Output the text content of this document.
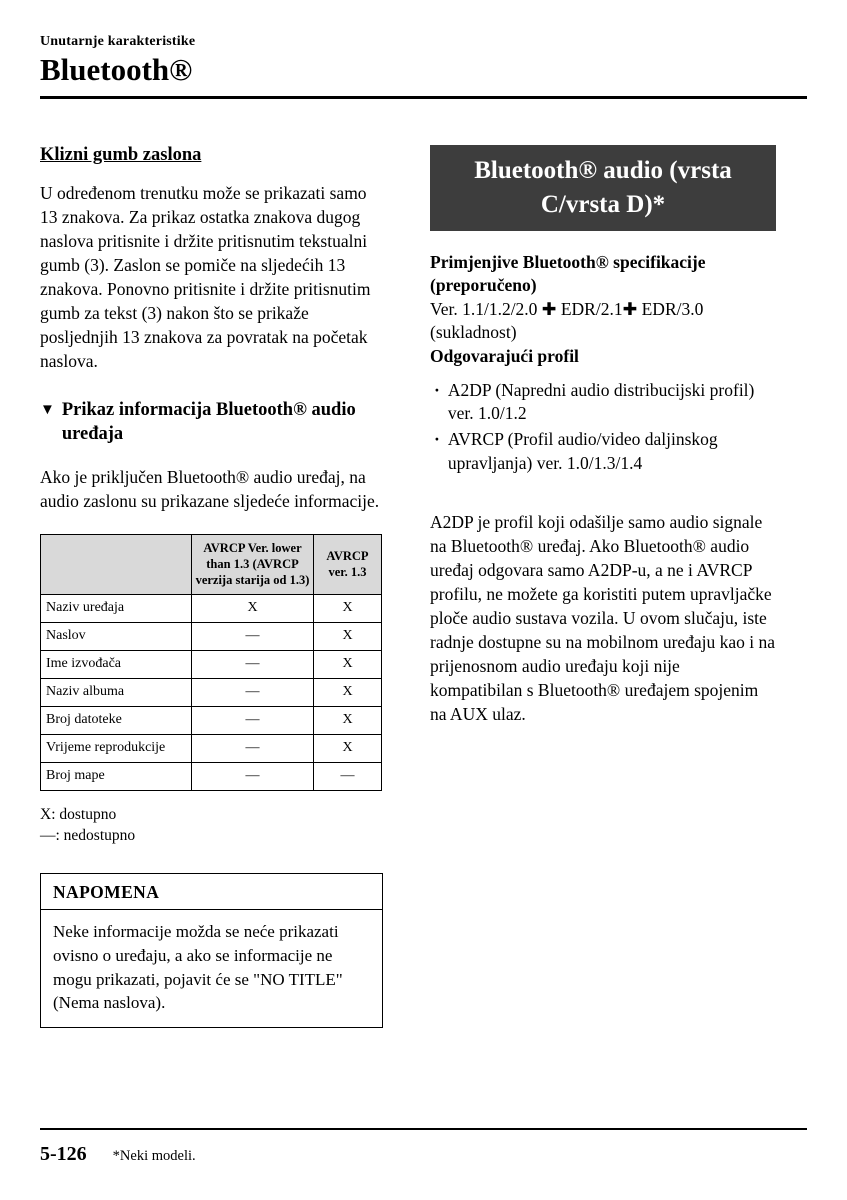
Unutarnje karakteristike
Bluetooth®
Klizni gumb zaslona

U određenom trenutku može se prikazati samo 13 znakova. Za prikaz ostatka znakova dugog naslova pritisnite i držite pritisnutim tekstualni gumb (3). Zaslon se pomiče na sljedećih 13 znakova. Ponovno pritisnite i držite pritisnutim gumb za tekst (3) nakon što se prikaže posljednjih 13 znakova za povratak na početak naslova.

▼ Prikaz informacija Bluetooth® audio uređaja

Ako je priključen Bluetooth® audio uređaj, na audio zaslonu su prikazane sljedeće informacije.

	AVRCP Ver. lower than 1.3 (AVRCP verzija starija od 1.3)	AVRCP ver. 1.3
Naziv uređaja	X	X
Naslov	—	X
Ime izvođača	—	X
Naziv albuma	—	X
Broj datoteke	—	X
Vrijeme reprodukcije	—	X
Broj mape	—	—
X: dostupno
—: nedostupno
NAPOMENA
Neke informacije možda se neće prikazati ovisno o uređaju, a ako se informacije ne mogu prikazati, pojavit će se "NO TITLE" (Nema naslova).
Bluetooth® audio (vrsta C/vrsta D)*
Primjenjive Bluetooth® specifikacije (preporučeno)
Ver. 1.1/1.2/2.0 ✚ EDR/2.1✚ EDR/3.0
(sukladnost)
Odgovarajući profil
· A2DP (Napredni audio distribucijski profil) ver. 1.0/1.2
· AVRCP (Profil audio/video daljinskog upravljanja) ver. 1.0/1.3/1.4

A2DP je profil koji odašilje samo audio signale na Bluetooth® uređaj. Ako Bluetooth® audio uređaj odgovara samo A2DP-u, a ne i AVRCP profilu, ne možete ga koristiti putem upravljačke ploče audio sustava vozila. U ovom slučaju, iste radnje dostupne su na mobilnom uređaju kao i na prijenosnom audio uređaju koji nije kompatibilan s Bluetooth® uređajem spojenim na AUX ulaz.

5-126 *Neki modeli.
